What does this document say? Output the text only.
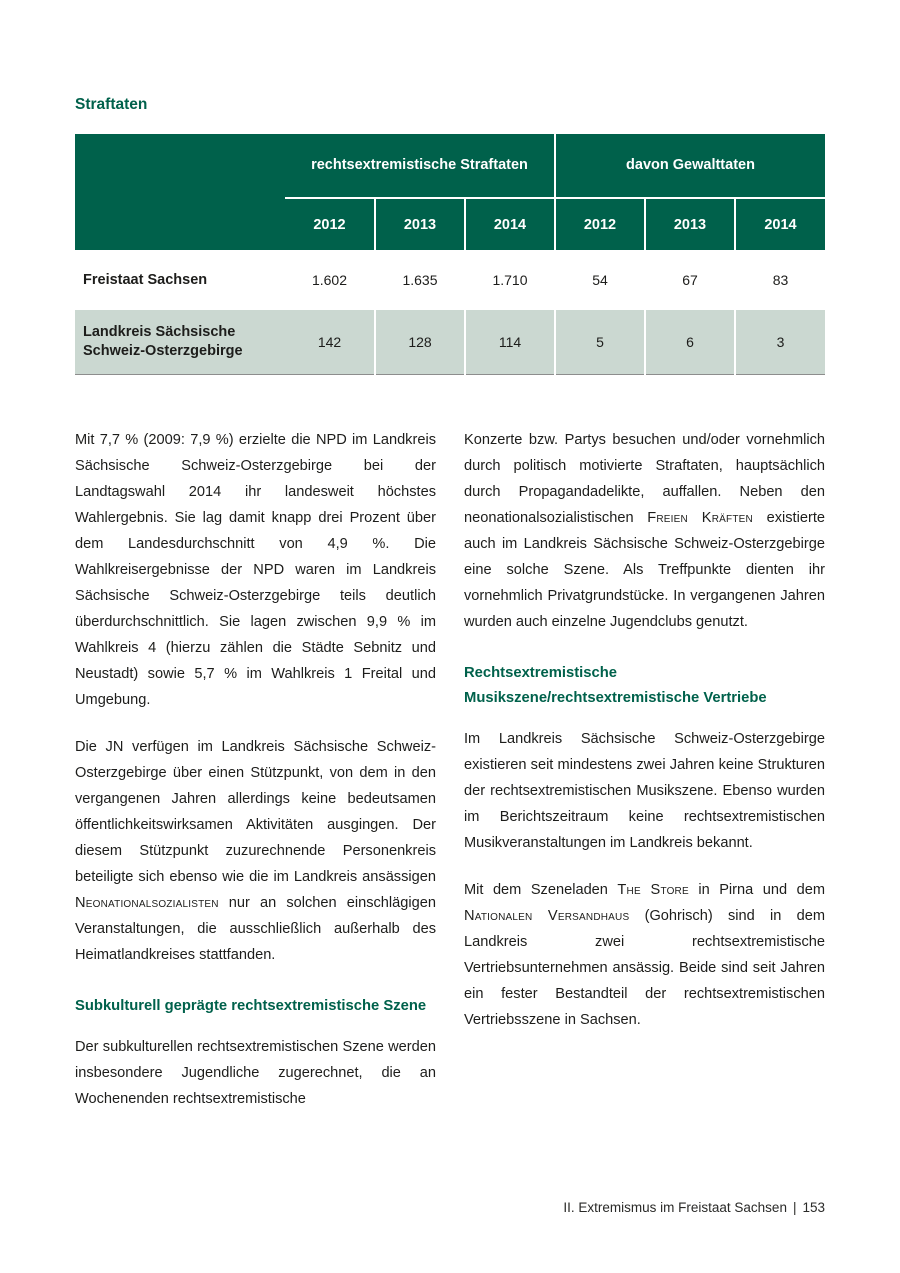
Straftaten
	rechtsextremistische Straftaten			davon Gewalttaten		
	2012	2013	2014	2012	2013	2014
Freistaat Sachsen	1.602	1.635	1.710	54	67	83
Landkreis Sächsische Schweiz-Osterzgebirge	142	128	114	5	6	3

Mit 7,7 % (2009: 7,9 %) erzielte die NPD im Landkreis Sächsische Schweiz-Osterzgebirge bei der Landtagswahl 2014 ihr landesweit höchstes Wahlergebnis. Sie lag damit knapp drei Prozent über dem Landesdurchschnitt von 4,9 %. Die Wahlkreisergebnisse der NPD waren im Landkreis Sächsische Schweiz-Osterzgebirge teils deutlich überdurchschnittlich. Sie lagen zwischen 9,9 % im Wahlkreis 4 (hierzu zählen die Städte Sebnitz und Neustadt) sowie 5,7 % im Wahlkreis 1 Freital und Umgebung.

Die JN verfügen im Landkreis Sächsische Schweiz-Osterzgebirge über einen Stützpunkt, von dem in den vergangenen Jahren allerdings keine bedeutsamen öffentlichkeitswirksamen Aktivitäten ausgingen. Der diesem Stützpunkt zuzurechnende Personenkreis beteiligte sich ebenso wie die im Landkreis ansässigen Neonationalsozialisten nur an solchen einschlägigen Veranstaltungen, die ausschließlich außerhalb des Heimatlandkreises stattfanden.

Subkulturell geprägte rechtsextremistische Szene

Der subkulturellen rechtsextremistischen Szene werden insbesondere Jugendliche zugerechnet, die an Wochenenden rechtsextremistische

Konzerte bzw. Partys besuchen und/oder vornehmlich durch politisch motivierte Straftaten, hauptsächlich durch Propagandadelikte, auffallen. Neben den neonationalsozialistischen Freien Kräften existierte auch im Landkreis Sächsische Schweiz-Osterzgebirge eine solche Szene. Als Treffpunkte dienten ihr vornehmlich Privatgrundstücke. In vergangenen Jahren wurden auch einzelne Jugendclubs genutzt.

Rechtsextremistische Musikszene/rechtsextremistische Vertriebe

Im Landkreis Sächsische Schweiz-Osterzgebirge existieren seit mindestens zwei Jahren keine Strukturen der rechtsextremistischen Musikszene. Ebenso wurden im Berichtszeitraum keine rechtsextremistischen Musikveranstaltungen im Landkreis bekannt.

Mit dem Szeneladen The Store in Pirna und dem Nationalen Versandhaus (Gohrisch) sind in dem Landkreis zwei rechtsextremistische Vertriebsunternehmen ansässig. Beide sind seit Jahren ein fester Bestandteil der rechtsextremistischen Vertriebsszene in Sachsen.

II. Extremismus im Freistaat Sachsen | 153
